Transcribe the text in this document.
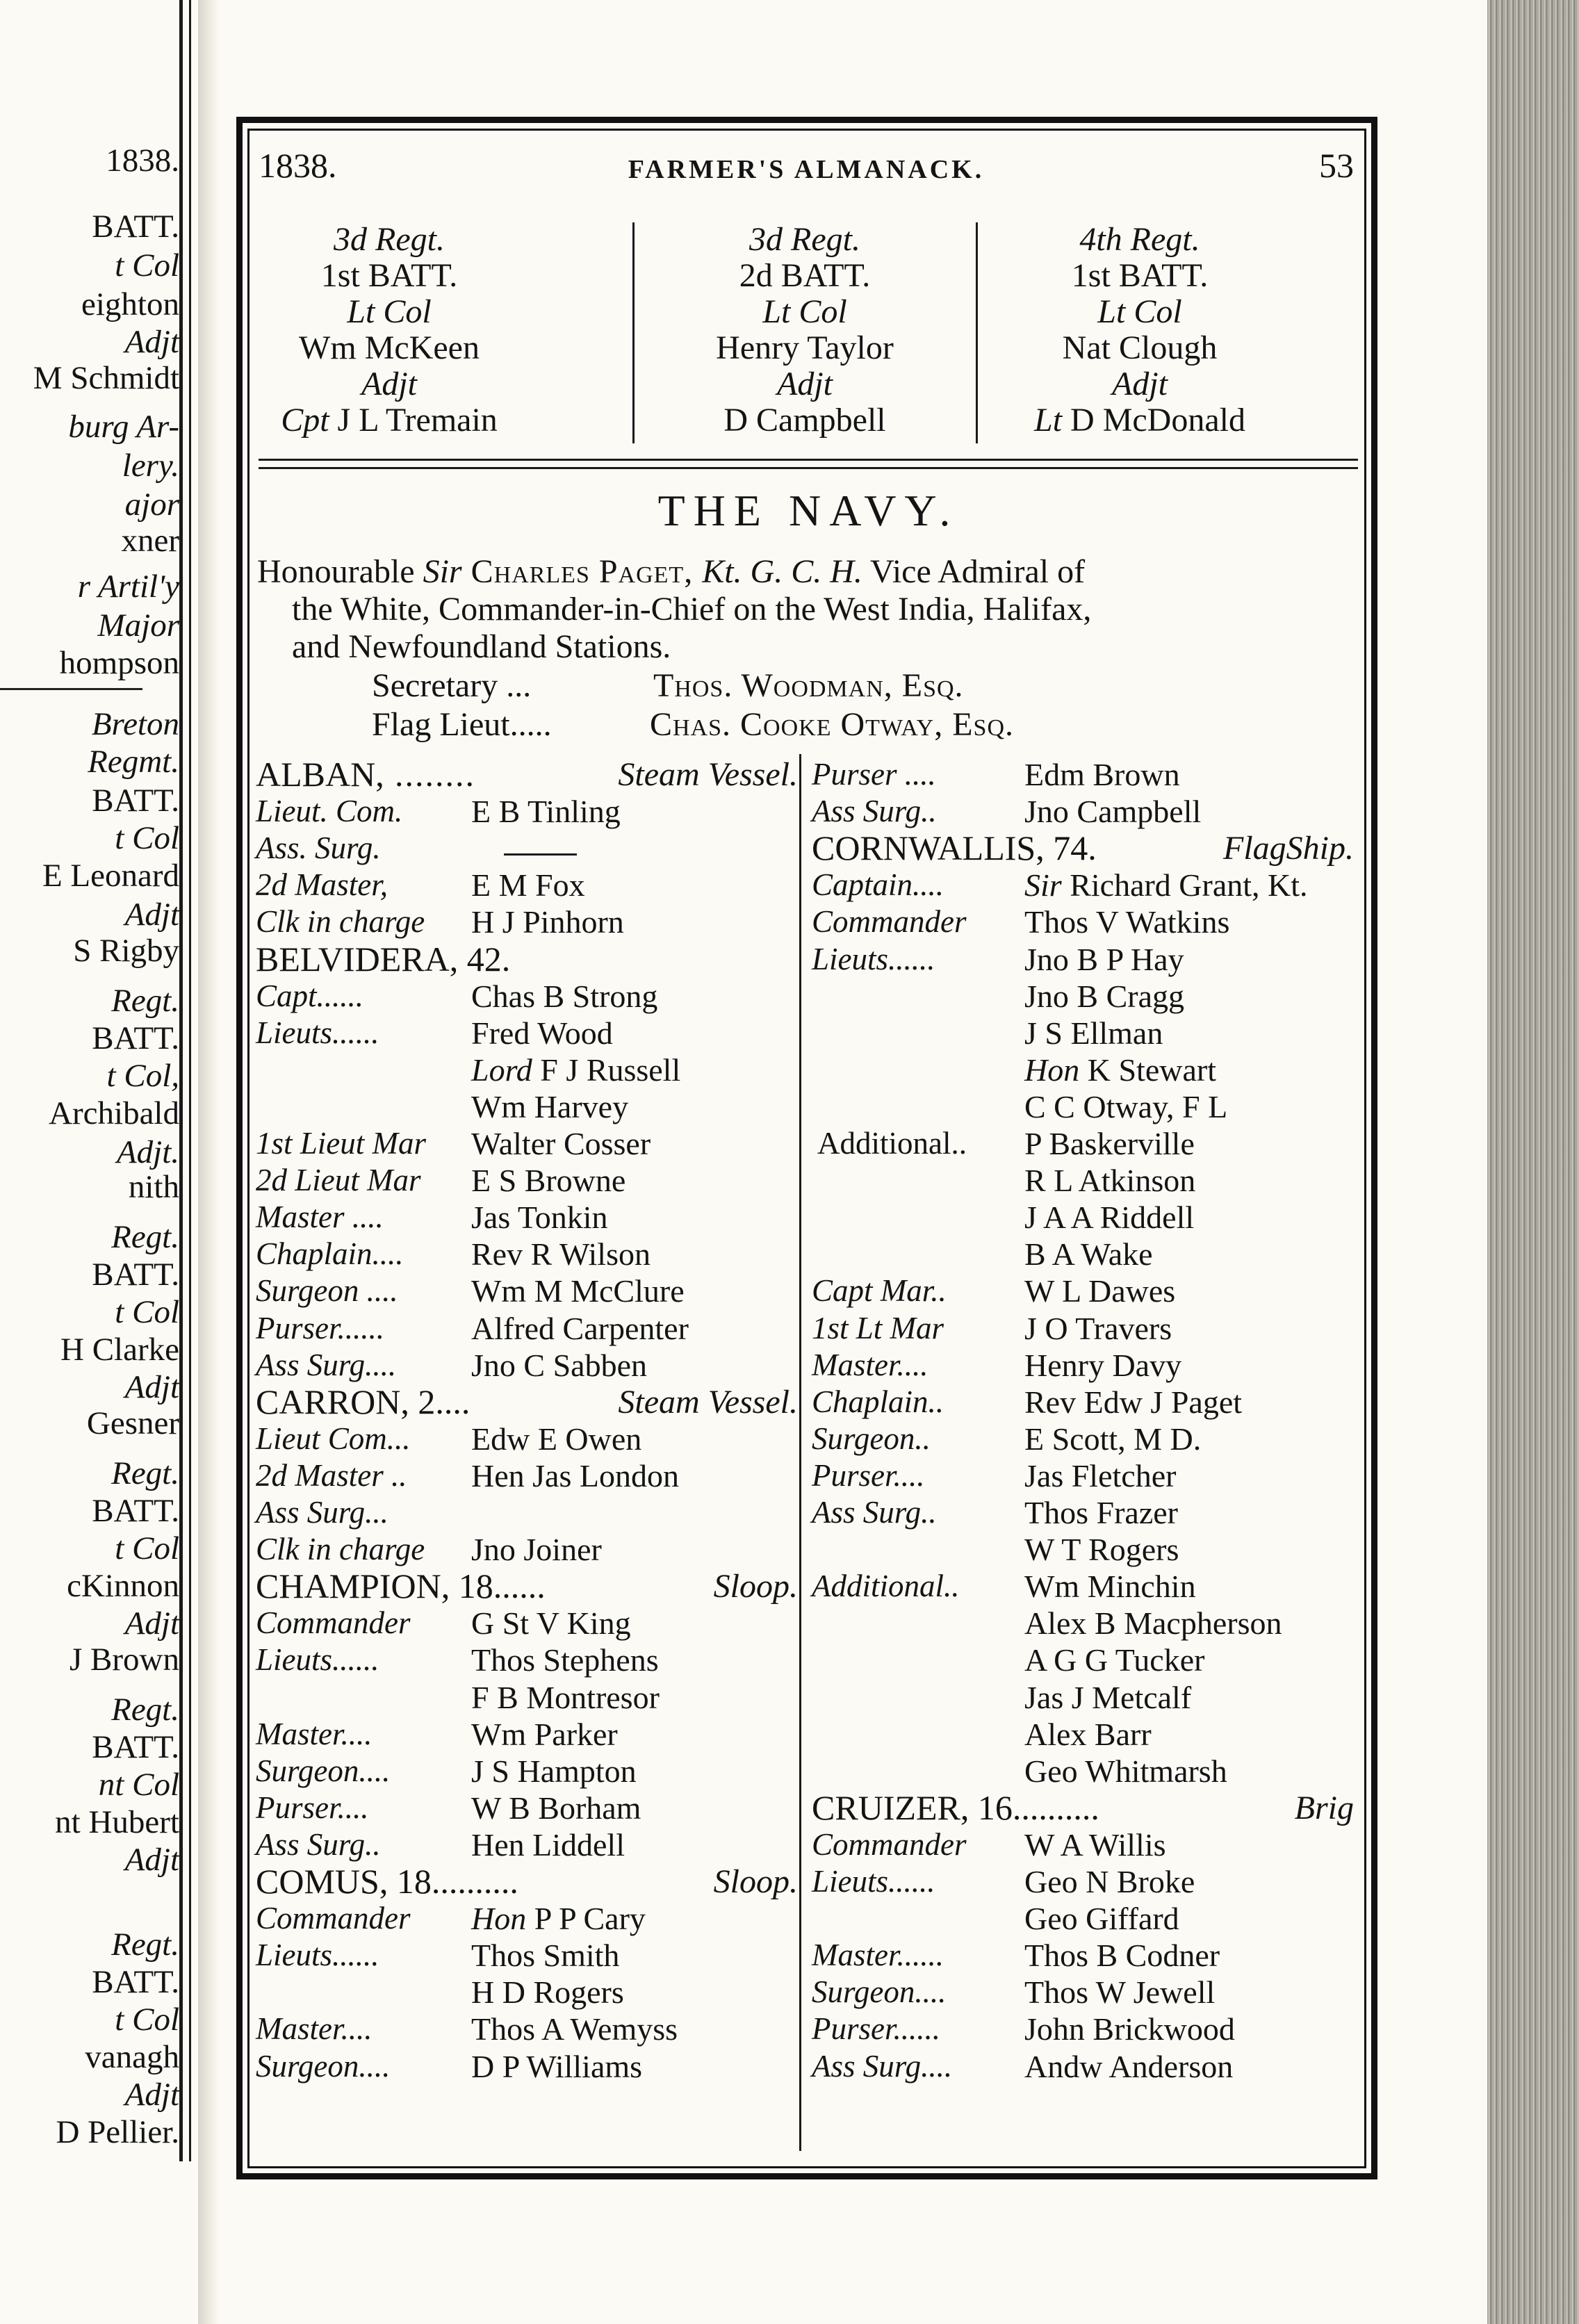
1838.
BATT.
t Col
eighton
Adjt
M Schmidt
burg Ar-
lery.
ajor
xner
r Artil'y
Major
hompson
Breton
Regmt.
BATT.
t Col
E Leonard
Adjt
S Rigby
Regt.
BATT.
t Col,
Archibald
Adjt.
nith
Regt.
BATT.
t Col
H Clarke
Adjt
Gesner
Regt.
BATT.
t Col
cKinnon
Adjt
J Brown
Regt.
BATT.
nt Col
nt Hubert
Adjt
Regt.
BATT.
t Col
vanagh
Adjt
D Pellier.
1838.	FARMER'S ALMANACK.	53
3d Regt.
1st BATT.
Lt Col
Wm McKeen
Adjt
Cpt J L Tremain
3d Regt.
2d BATT.
Lt Col
Henry Taylor
Adjt
D Campbell
4th Regt.
1st BATT.
Lt Col
Nat Clough
Adjt
Lt D McDonald
THE NAVY.
Honourable Sir Charles Paget, Kt. G. C. H. Vice Admiral of
the White, Commander-in-Chief on the West India, Halifax,
and Newfoundland Stations.
Secretary ...	Thos. Woodman, Esq.
Flag Lieut.....	Chas. Cooke Otway, Esq.
ALBAN, ........	Steam Vessel.
Lieut. Com.	E B Tinling
Ass. Surg.
2d Master,	E M Fox
Clk in charge	H J Pinhorn
BELVIDERA, 42.
Capt......	Chas B Strong
Lieuts......	Fred Wood
Lord F J Russell
Wm Harvey
1st Lieut Mar	Walter Cosser
2d Lieut Mar	E S Browne
Master ....	Jas Tonkin
Chaplain....	Rev R Wilson
Surgeon ....	Wm M McClure
Purser......	Alfred Carpenter
Ass Surg....	Jno C Sabben
CARRON, 2....	Steam Vessel.
Lieut Com...	Edw E Owen
2d Master ..	Hen Jas London
Ass Surg...
Clk in charge	Jno Joiner
CHAMPION, 18......	Sloop.
Commander	G St V King
Lieuts......	Thos Stephens
F B Montresor
Master....	Wm Parker
Surgeon....	J S Hampton
Purser....	W B Borham
Ass Surg..	Hen Liddell
COMUS, 18..........	Sloop.
Commander	Hon P P Cary
Lieuts......	Thos Smith
H D Rogers
Master....	Thos A Wemyss
Surgeon....	D P Williams
Purser ....	Edm Brown
Ass Surg..	Jno Campbell
CORNWALLIS, 74.	FlagShip.
Captain....	Sir Richard Grant, Kt.
Commander	Thos V Watkins
Lieuts......	Jno B P Hay
Jno B Cragg
J S Ellman
Hon K Stewart
C C Otway, F L
Additional..	P Baskerville
R L Atkinson
J A A Riddell
B A Wake
Capt Mar..	W L Dawes
1st Lt Mar	J O Travers
Master....	Henry Davy
Chaplain..	Rev Edw J Paget
Surgeon..	E Scott, M D.
Purser....	Jas Fletcher
Ass Surg..	Thos Frazer
W T Rogers
Additional..	Wm Minchin
Alex B Macpherson
A G G Tucker
Jas J Metcalf
Alex Barr
Geo Whitmarsh
CRUIZER, 16..........	Brig
Commander	W A Willis
Lieuts......	Geo N Broke
Geo Giffard
Master......	Thos B Codner
Surgeon....	Thos W Jewell
Purser......	John Brickwood
Ass Surg....	Andw Anderson
